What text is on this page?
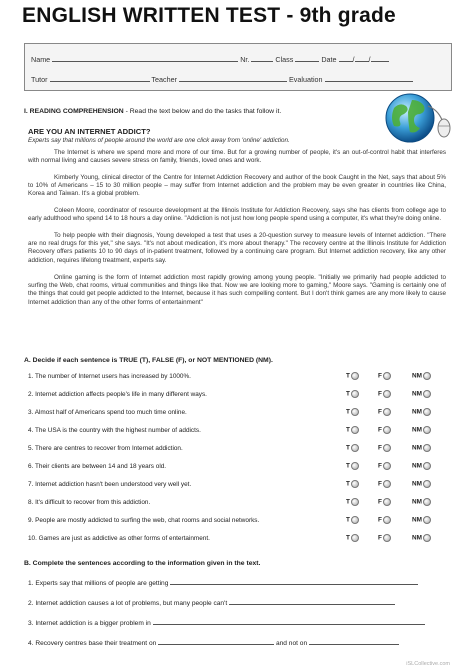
ENGLISH WRITTEN TEST - 9th grade
Name	Nr.	Class	Date / /
Tutor	Teacher	Evaluation
I. READING COMPREHENSION - Read the text below and do the tasks that follow it.
ARE YOU AN INTERNET ADDICT?
Experts say that millions of people around the world are one click away from 'online' addiction.

The Internet is where we spend more and more of our time. But for a growing number of people, it's an out-of-control habit that interferes with normal living and causes severe stress on family, friends, loved ones and work.

Kimberly Young, clinical director of the Centre for Internet Addiction Recovery and author of the book Caught in the Net, says that about 5% to 10% of Americans – 15 to 30 million people – may suffer from Internet addiction and the problem may be even greater in countries like China, Korea and Taiwan. It's a global problem.

Coleen Moore, coordinator of resource development at the Illinois Institute for Addiction Recovery, says she has clients from college age to early adulthood who spend 14 to 18 hours a day online. "Addiction is not just how long people spend using a computer, it's what they're doing online.

To help people with their diagnosis, Young developed a test that uses a 20-question survey to measure levels of Internet addiction. "There are no real drugs for this yet," she says. "It's not about medication, it's more about therapy." The recovery centre at the Illinois Institute for Addiction Recovery offers patients 10 to 90 days of in-patient treatment, followed by a continuing care program. But Internet addiction recovery, like any other addiction, requires lifelong treatment, experts say.

Online gaming is the form of Internet addiction most rapidly growing among young people. "Initially we primarily had people addicted to surfing the Web, chat rooms, virtual communities and things like that. Now we are looking more to gaming," Moore says. "Gaming is certainly one of the things that could get people addicted to the Internet, because it has such compelling content. But I don't think games are any more likely to cause Internet addiction than any of the other forms of entertainment"

A. Decide if each sentence is TRUE (T), FALSE (F), or NOT MENTIONED (NM).
1. The number of Internet users has increased by 1000%.	T	F	NM
2. Internet addiction affects people's life in many different ways.	T	F	NM
3. Almost half of Americans spend too much time online.	T	F	NM
4. The USA is the country with the highest number of addicts.	T	F	NM
5. There are centres to recover from Internet addiction.	T	F	NM
6. Their clients are between 14 and 18 years old.	T	F	NM
7. Internet addiction hasn't been understood very well yet.	T	F	NM
8. It's difficult to recover from this addiction.	T	F	NM
9. People are mostly addicted to surfing the web, chat rooms and social networks.	T	F	NM
10. Games are just as addictive as other forms of entertainment.	T	F	NM
B. Complete the sentences according to the information given in the text.
1. Experts say that millions of people are getting
2. Internet addiction causes a lot of problems, but many people can't
3. Internet addiction is a bigger problem in
4. Recovery centres base their treatment on	and not on
iSLCollective.com
